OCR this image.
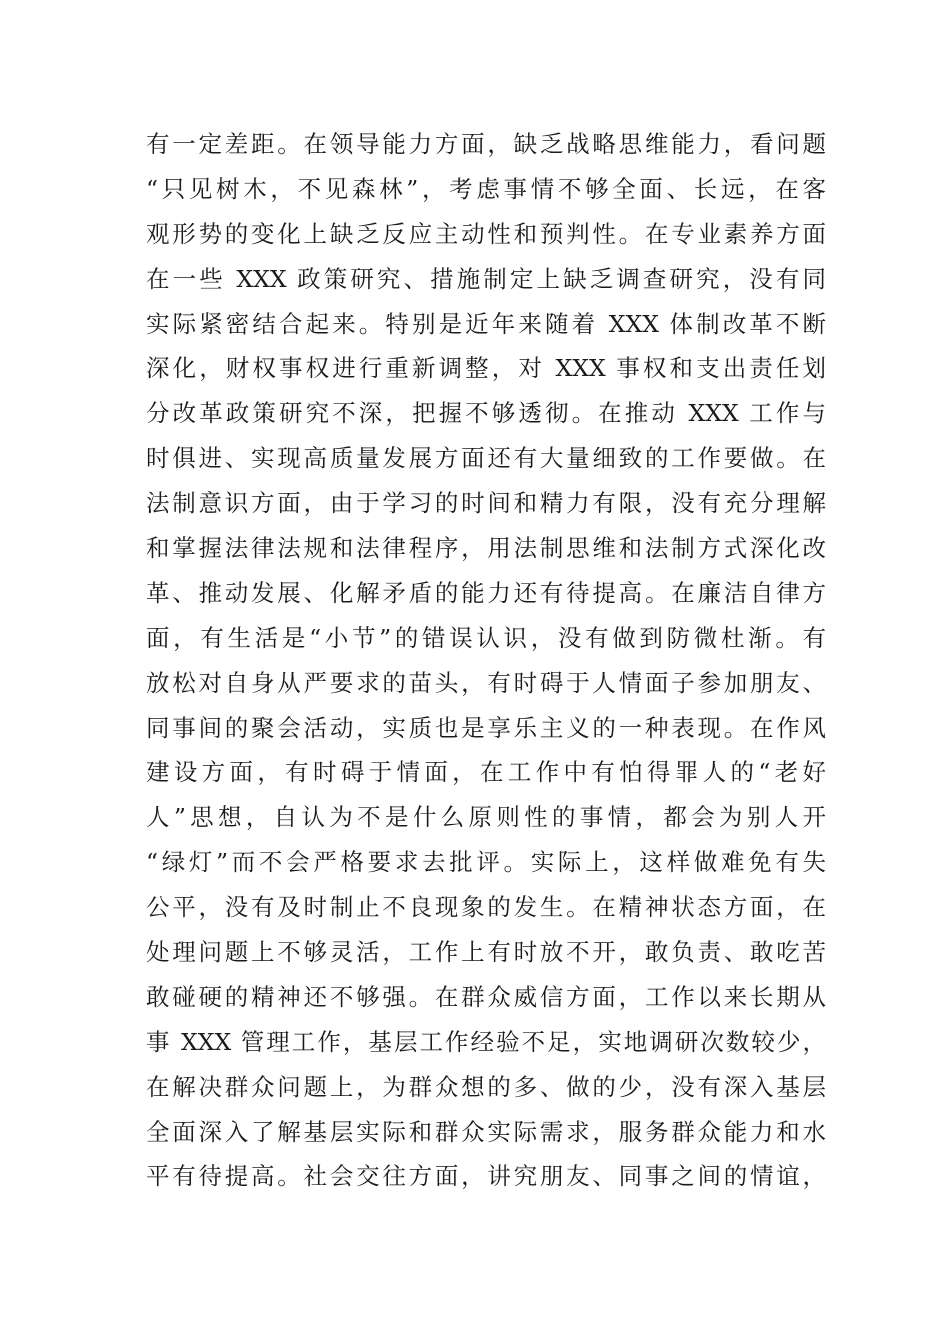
有一定差距。在领导能力方面，缺乏战略思维能力，看问题
“只见树木，不见森林”，考虑事情不够全面、长远，在客
观形势的变化上缺乏反应主动性和预判性。在专业素养方面
在一些 XXX 政策研究、措施制定上缺乏调查研究，没有同
实际紧密结合起来。特别是近年来随着 XXX 体制改革不断
深化，财权事权进行重新调整，对 XXX 事权和支出责任划
分改革政策研究不深，把握不够透彻。在推动 XXX 工作与
时俱进、实现高质量发展方面还有大量细致的工作要做。在
法制意识方面，由于学习的时间和精力有限，没有充分理解
和掌握法律法规和法律程序，用法制思维和法制方式深化改
革、推动发展、化解矛盾的能力还有待提高。在廉洁自律方
面，有生活是“小节”的错误认识，没有做到防微杜渐。有
放松对自身从严要求的苗头，有时碍于人情面子参加朋友、
同事间的聚会活动，实质也是享乐主义的一种表现。在作风
建设方面，有时碍于情面，在工作中有怕得罪人的“老好
人”思想，自认为不是什么原则性的事情，都会为别人开
“绿灯”而不会严格要求去批评。实际上，这样做难免有失
公平，没有及时制止不良现象的发生。在精神状态方面，在
处理问题上不够灵活，工作上有时放不开，敢负责、敢吃苦
敢碰硬的精神还不够强。在群众威信方面，工作以来长期从
事 XXX 管理工作，基层工作经验不足，实地调研次数较少，
在解决群众问题上，为群众想的多、做的少，没有深入基层
全面深入了解基层实际和群众实际需求，服务群众能力和水
平有待提高。社会交往方面，讲究朋友、同事之间的情谊，
